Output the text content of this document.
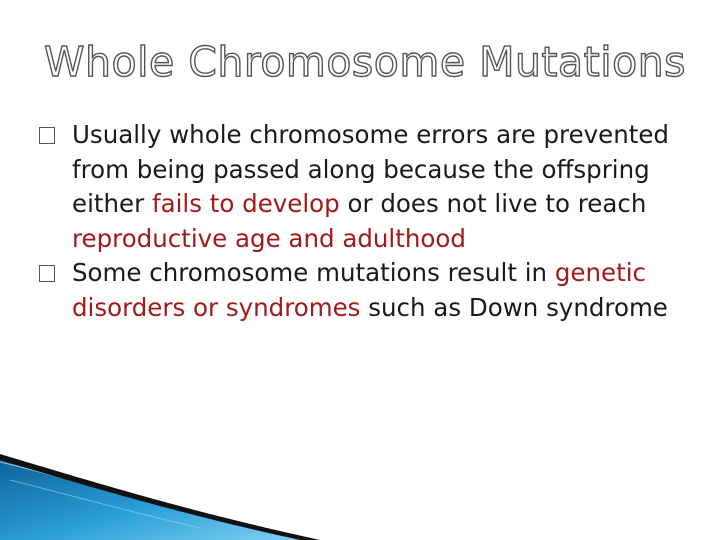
Whole Chromosome Mutations
Usually whole chromosome errors are prevented from being passed along because the offspring either fails to develop or does not live to reach reproductive age and adulthood
Some chromosome mutations result in genetic disorders or syndromes such as Down syndrome
